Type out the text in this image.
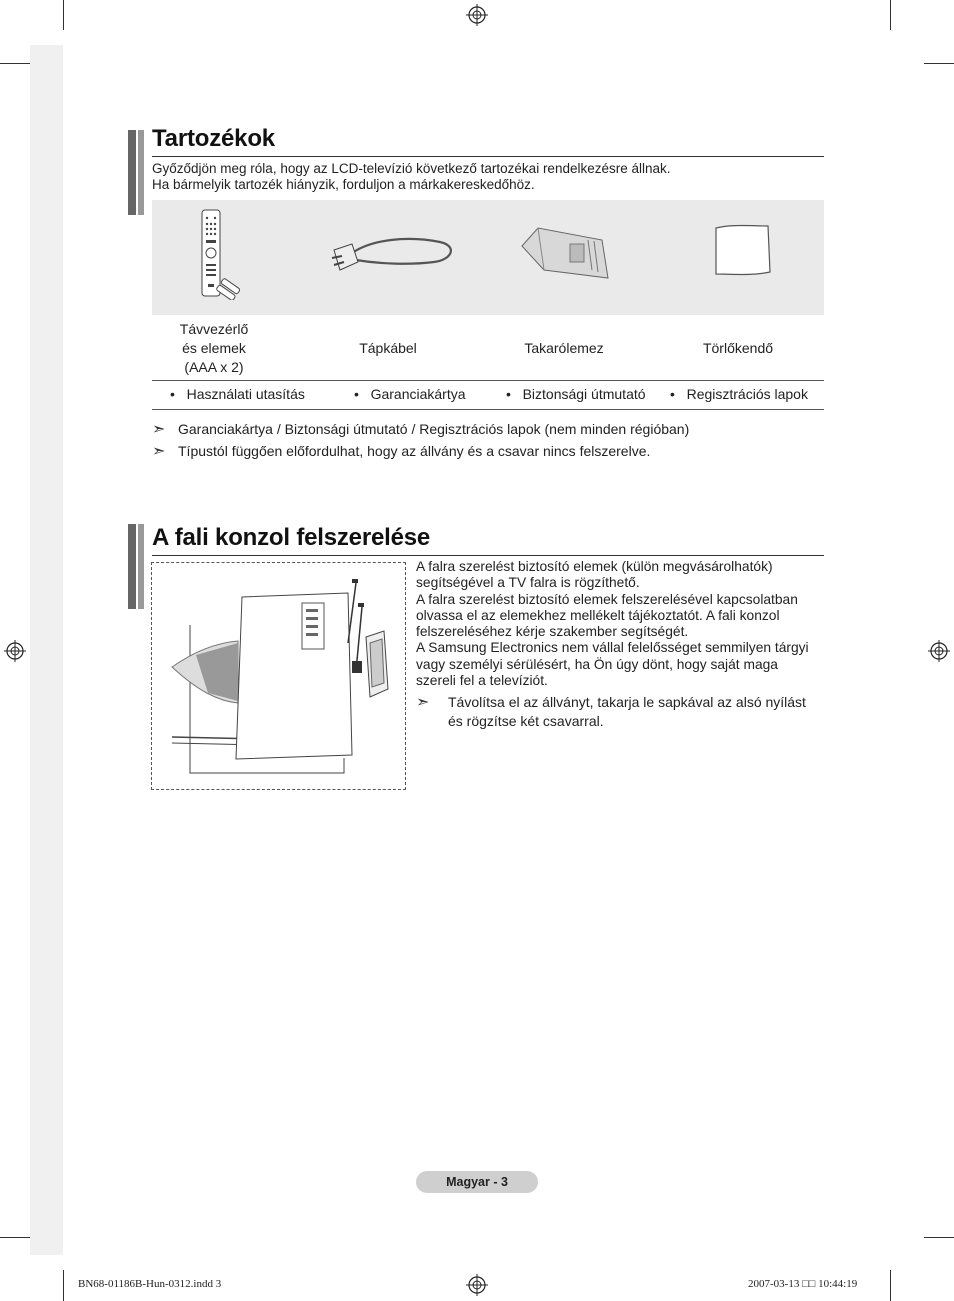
Tartozékok
Győződjön meg róla, hogy az LCD-televízió következő tartozékai rendelkezésre állnak.
Ha bármelyik tartozék hiányzik, forduljon a márkakereskedőhöz.
Távvezérlő
és elemek
(AAA x 2)
Tápkábel	Takarólemez	Törlőkendő
•   Használati utasítás	•   Garanciakártya	•   Biztonsági útmutató •   Regisztrációs lapok
➣ Garanciakártya / Biztonsági útmutató / Regisztrációs lapok (nem minden régióban)
➣ Típustól függően előfordulhat, hogy az állvány és a csavar nincs felszerelve.
A fali konzol felszerelése
A falra szerelést biztosító elemek (külön megvásárolhatók)
segítségével a TV falra is rögzíthető.
A falra szerelést biztosító elemek felszerelésével kapcsolatban
olvassa el az elemekhez mellékelt tájékoztatót. A fali konzol
felszereléséhez kérje szakember segítségét.
A Samsung Electronics nem vállal felelősséget semmilyen tárgyi
vagy személyi sérülésért, ha Ön úgy dönt, hogy saját maga
szereli fel a televíziót.
➣	Távolítsa el az állványt, takarja le sapkával az alsó nyílást
és rögzítse két csavarral.
Magyar - 3
BN68-01186B-Hun-0312.indd 3	2007-03-13 □□ 10:44:19
